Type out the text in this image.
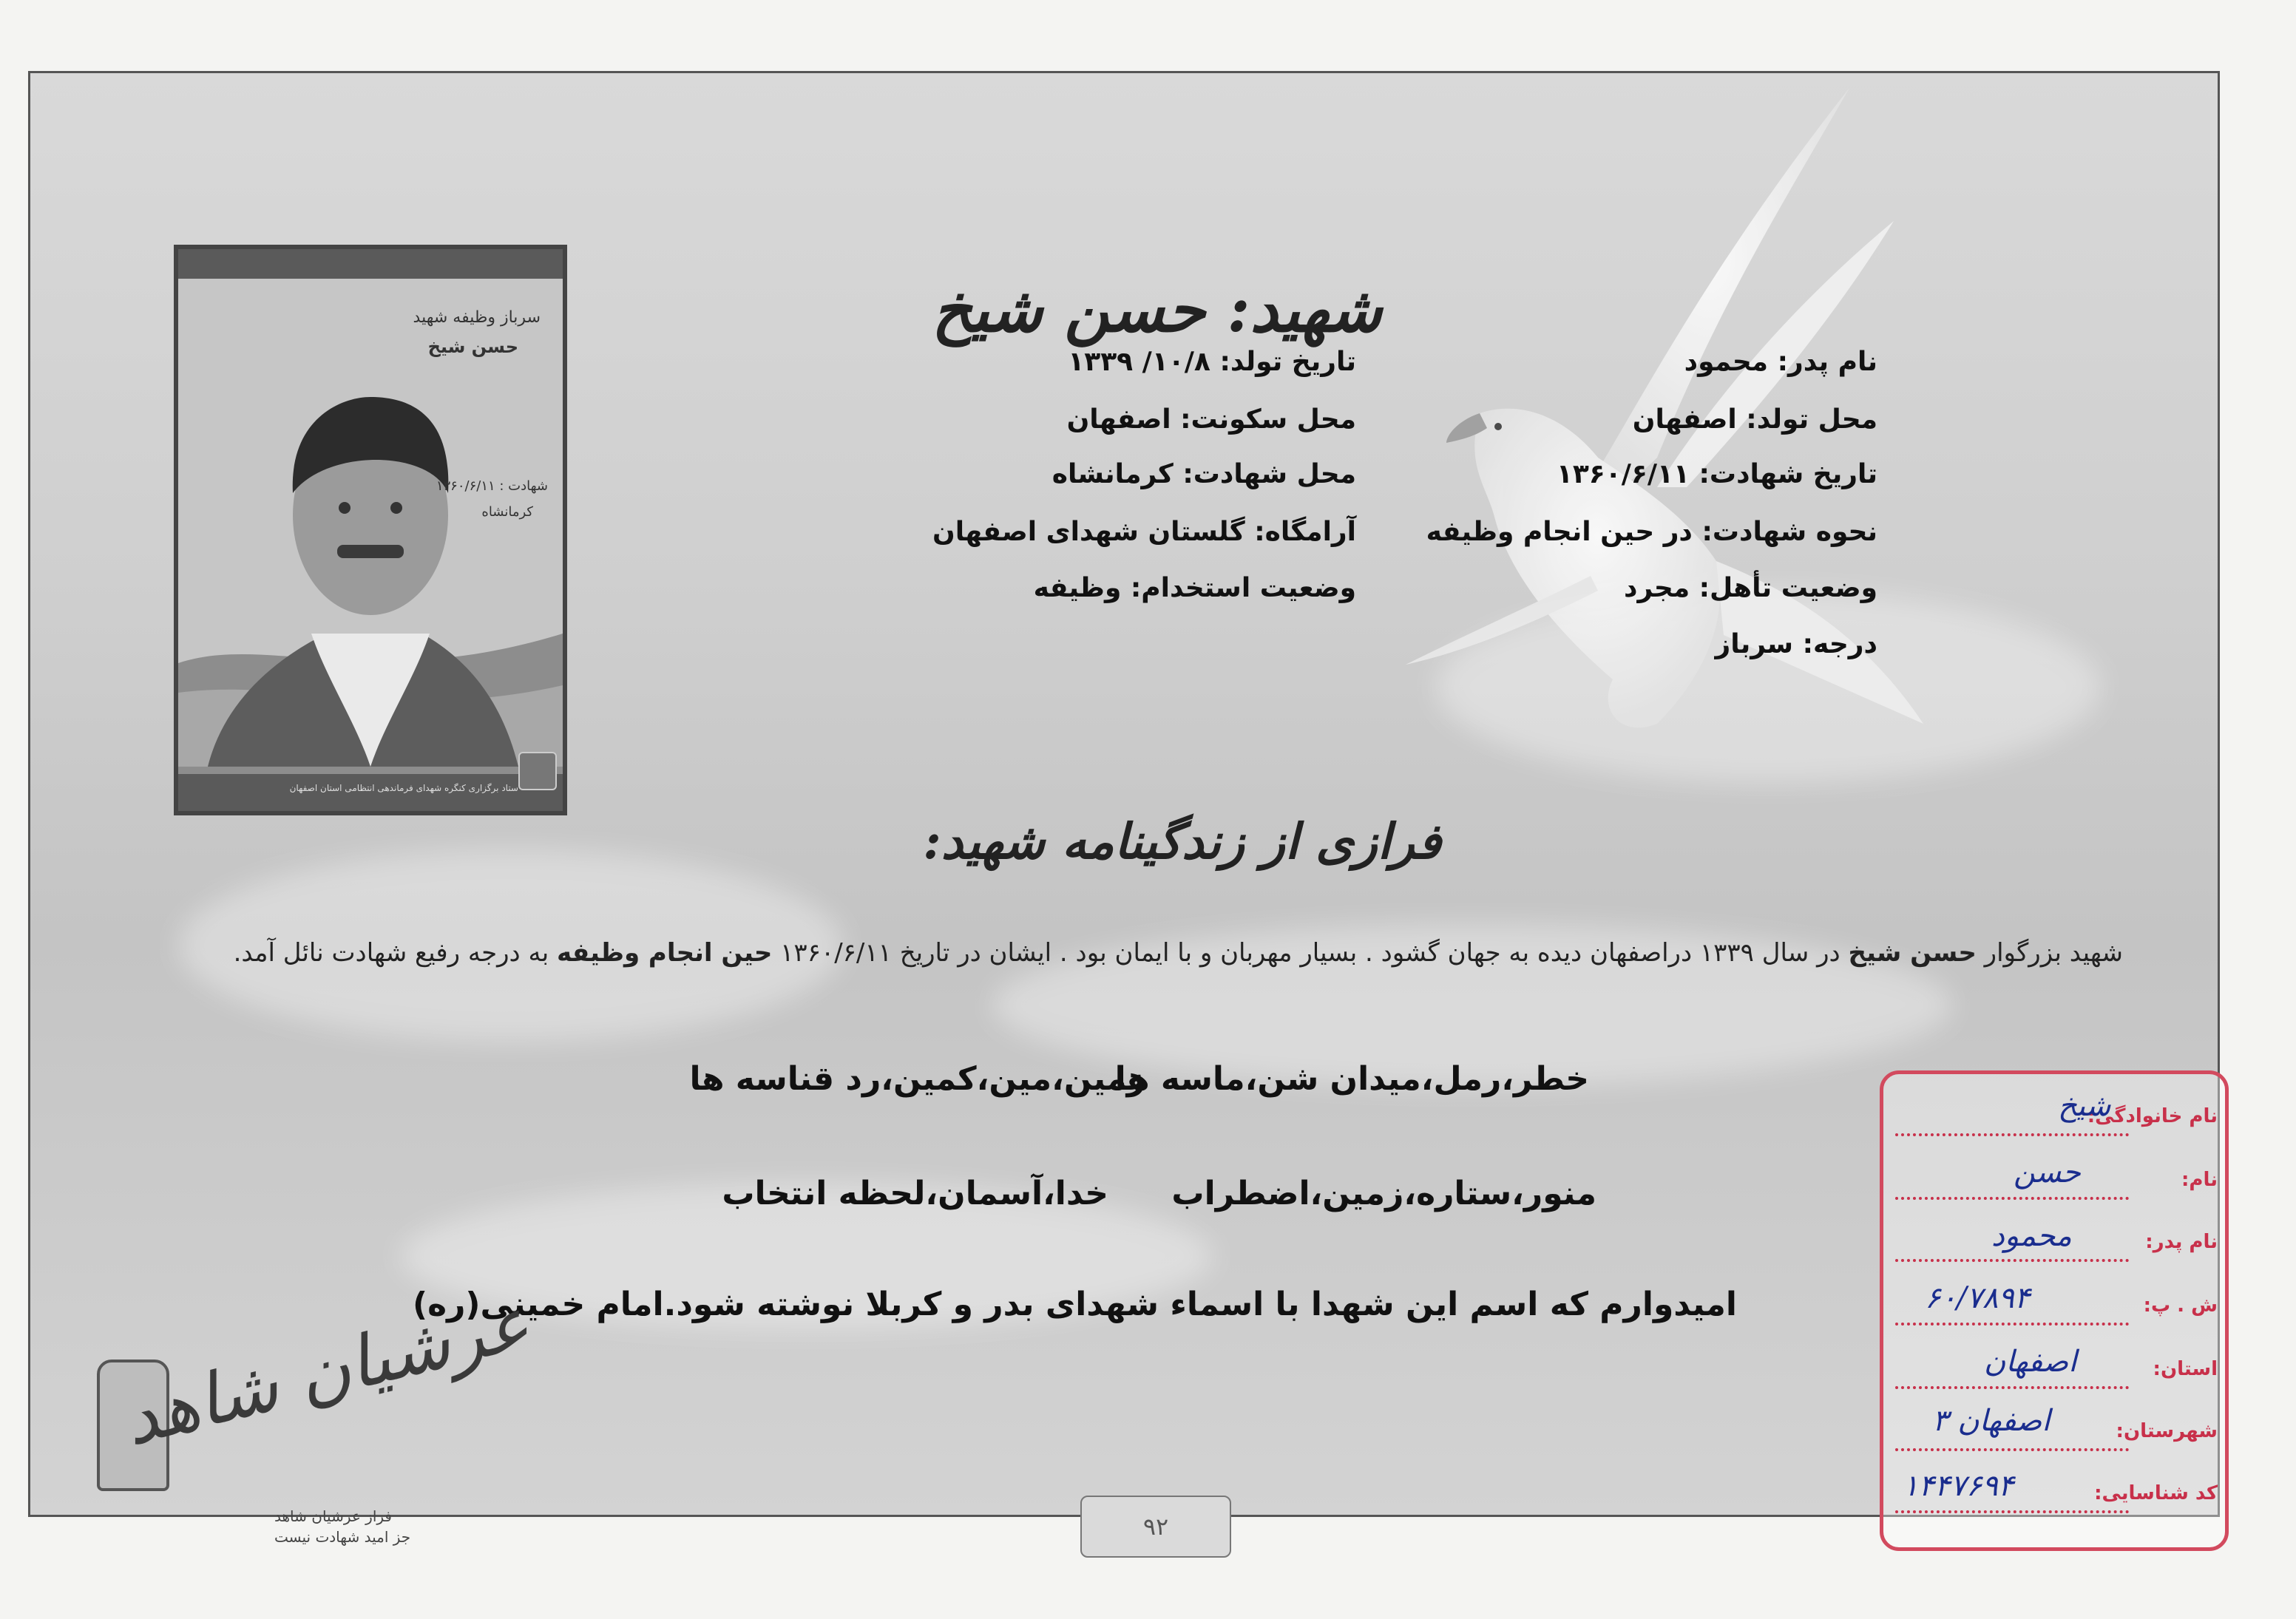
سرباز وظیفه شهید
حسن شیخ
شهادت : ۱۳۶۰/۶/۱۱
کرمانشاه
ستاد برگزاری کنگره شهدای فرماندهی انتظامی استان اصفهان
شهید: حسن شیخ
نام پدر: محمود
محل تولد: اصفهان
تاریخ شهادت: ۱۳۶۰/۶/۱۱
نحوه شهادت: در حین انجام وظیفه
وضعیت تأهل: مجرد
درجه: سرباز
تاریخ تولد: ۱۰/۸/ ۱۳۳۹
محل سکونت: اصفهان
محل شهادت: کرمانشاه
آرامگاه: گلستان شهدای اصفهان
وضعیت استخدام: وظیفه
فرازی از زندگینامه شهید:
شهید بزرگوار حسن شیخ در سال ۱۳۳۹ دراصفهان دیده به جهان گشود . بسیار مهربان و با ایمان بود . ایشان در تاریخ ۱۳۶۰/۶/۱۱ حین انجام وظیفه به درجه رفیع شهادت نائل آمد.
خطر،رمل،میدان شن،ماسه ها
زمین،مین،کمین،رد قناسه ها
منور،ستاره،زمین،اضطراب
خدا،آسمان،لحظه انتخاب
امیدوارم که اسم این شهدا با اسماء شهدای بدر و کربلا نوشته شود.امام خمینی(ره)
عرشیان شاهد
فراز عرشیان شاهد
جز امید شهادت نیست	۹۲
نام خانوادگی:
شیخ
نام:
حسن
نام پدر:
محمود
ش . پ:
۶۰/۷۸۹۴
استان:
اصفهان
شهرستان:
اصفهان ۳
کد شناسایی:
۱۴۴۷۶۹۴
